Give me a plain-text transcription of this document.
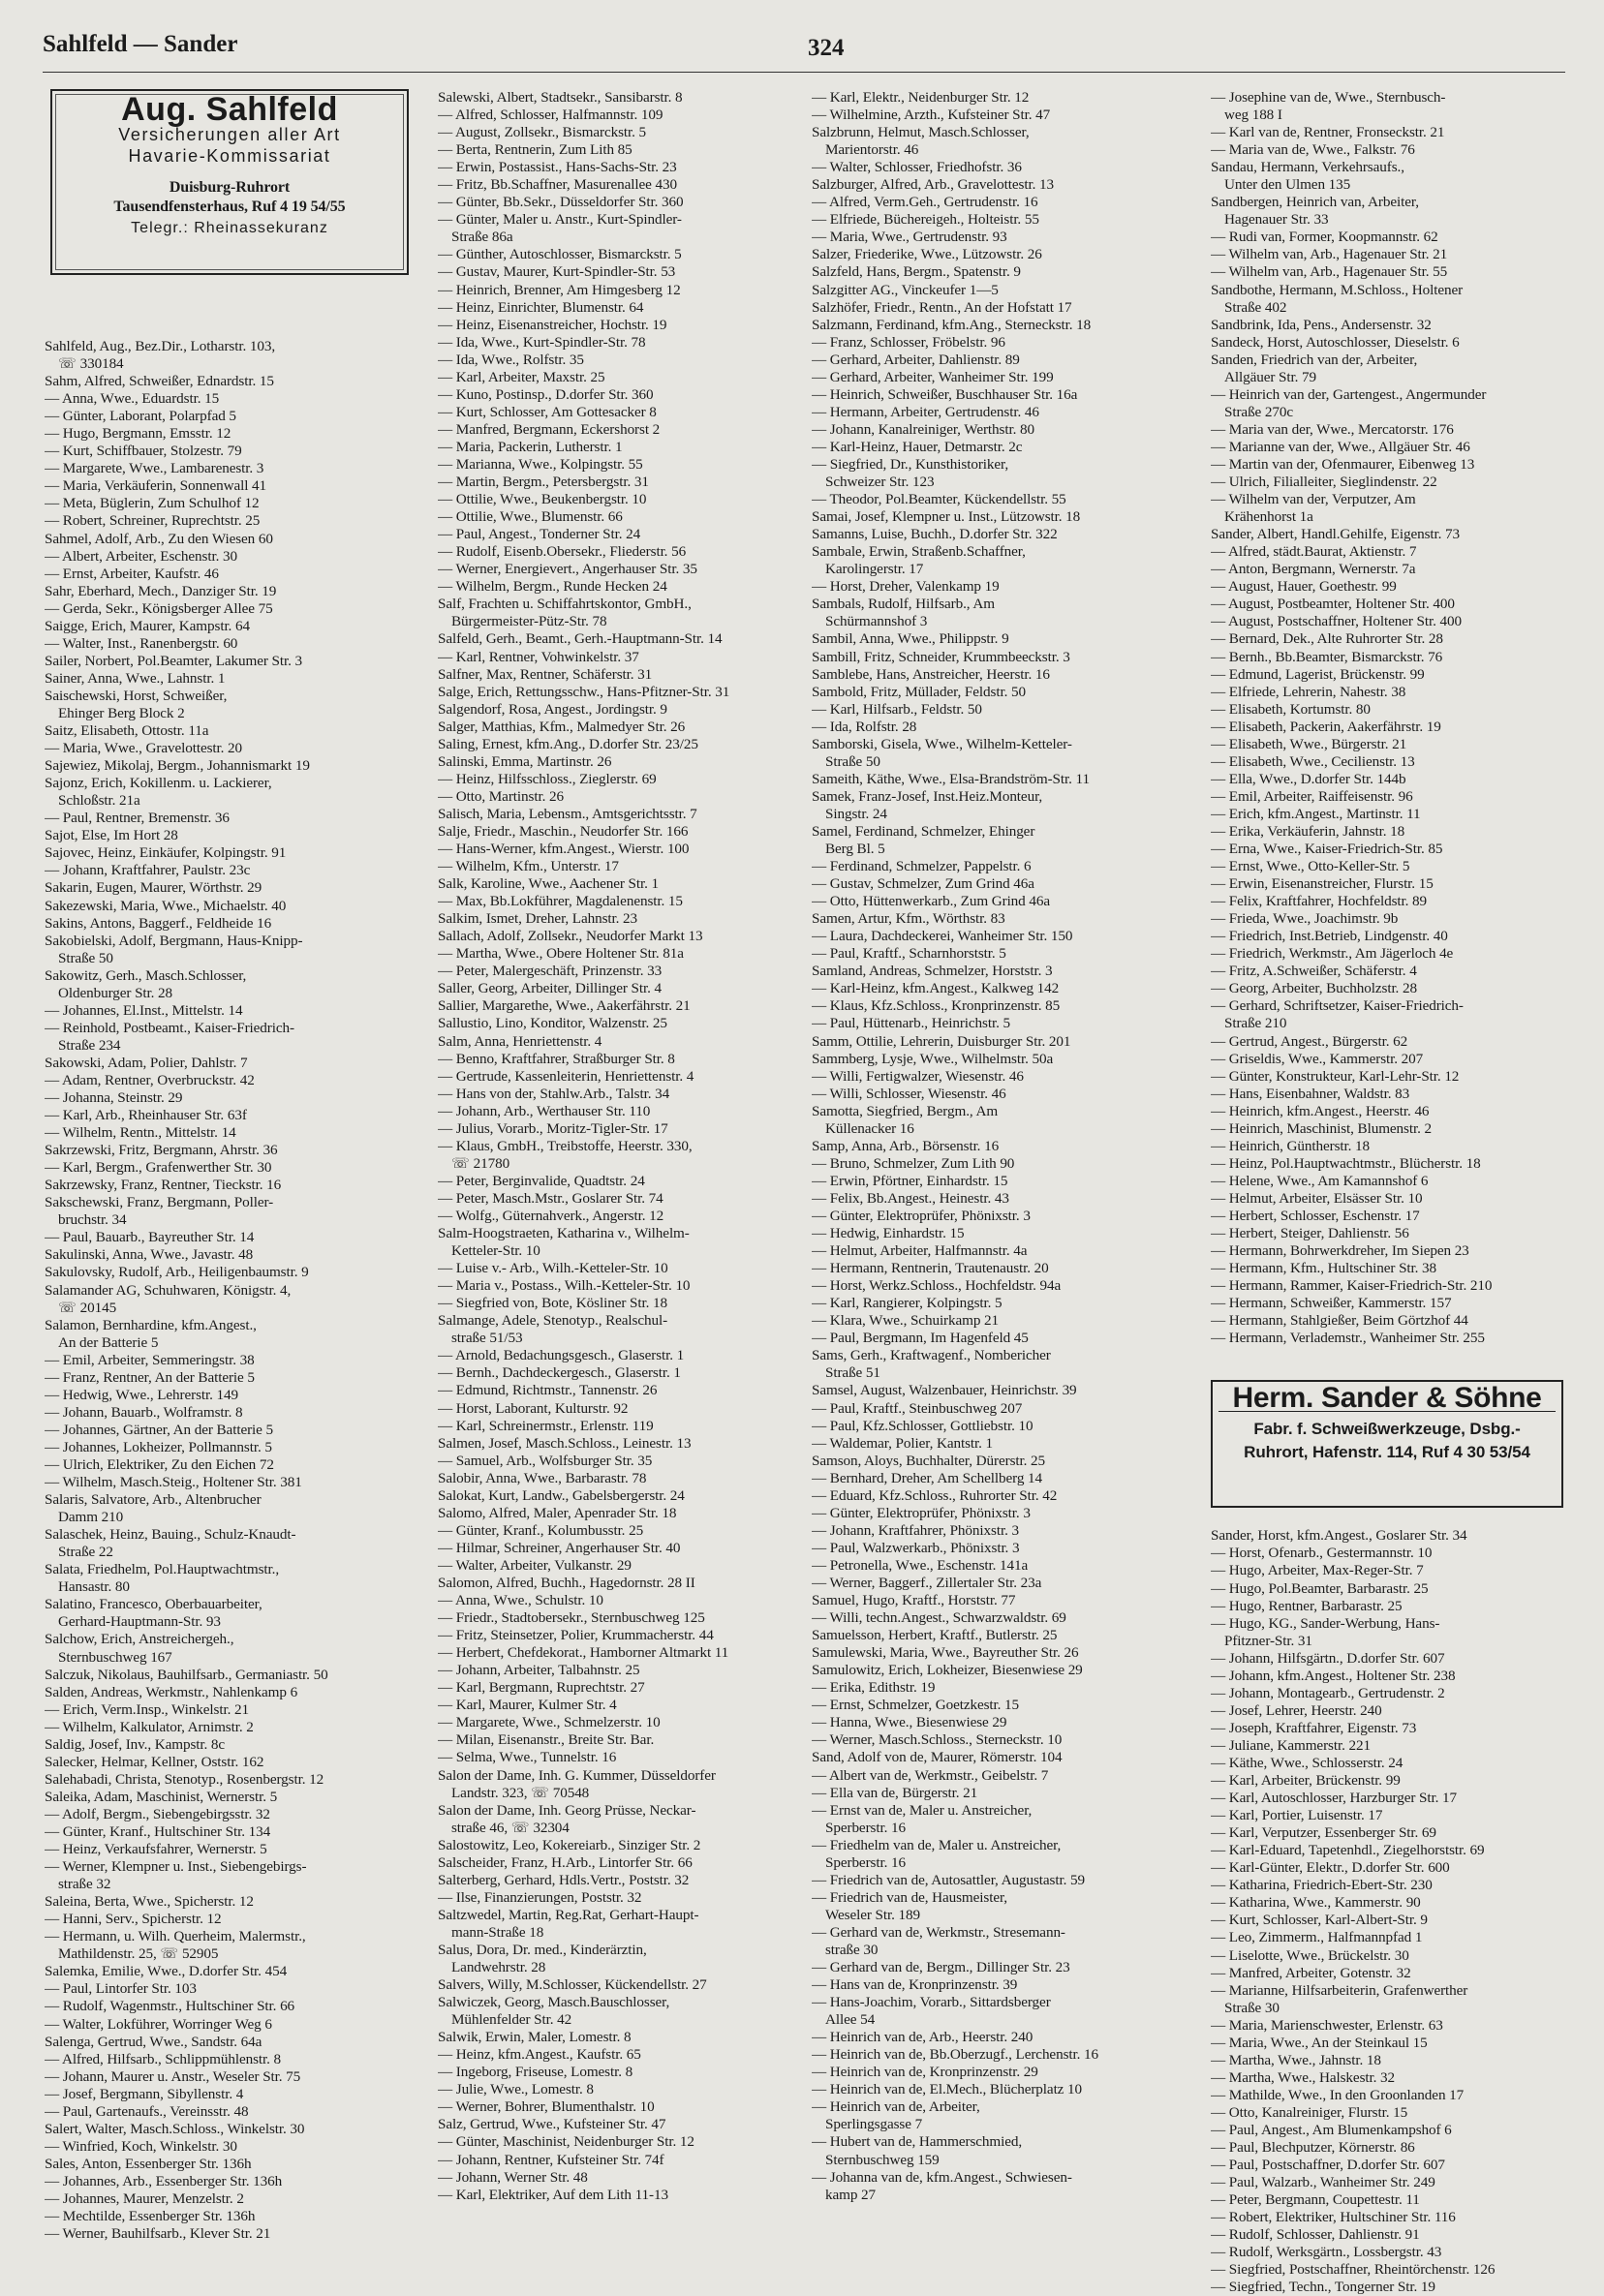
Sahlfeld — Sander	324
Aug. Sahlfeld
Versicherungen aller Art
Havarie-Kommissariat
Duisburg-Ruhrort
Tausendfensterhaus, Ruf 4 19 54/55
Telegr.: Rheinassekuranz
Sahlfeld, Aug., Bez.Dir., Lotharstr. 103,
☏ 330184
Sahm, Alfred, Schweißer, Ednardstr. 15
— Anna, Wwe., Eduardstr. 15
— Günter, Laborant, Polarpfad 5
— Hugo, Bergmann, Emsstr. 12
— Kurt, Schiffbauer, Stolzestr. 79
— Margarete, Wwe., Lambarenestr. 3
— Maria, Verkäuferin, Sonnenwall 41
— Meta, Büglerin, Zum Schulhof 12
— Robert, Schreiner, Ruprechtstr. 25
Sahmel, Adolf, Arb., Zu den Wiesen 60
— Albert, Arbeiter, Eschenstr. 30
— Ernst, Arbeiter, Kaufstr. 46
Sahr, Eberhard, Mech., Danziger Str. 19
— Gerda, Sekr., Königsberger Allee 75
Saigge, Erich, Maurer, Kampstr. 64
— Walter, Inst., Ranenbergstr. 60
Sailer, Norbert, Pol.Beamter, Lakumer Str. 3
Sainer, Anna, Wwe., Lahnstr. 1
Saischewski, Horst, Schweißer,
Ehinger Berg Block 2
Saitz, Elisabeth, Ottostr. 11a
— Maria, Wwe., Gravelottestr. 20
Sajewiez, Mikolaj, Bergm., Johannismarkt 19
Sajonz, Erich, Kokillenm. u. Lackierer,
Schloßstr. 21a
— Paul, Rentner, Bremenstr. 36
Sajot, Else, Im Hort 28
Sajovec, Heinz, Einkäufer, Kolpingstr. 91
— Johann, Kraftfahrer, Paulstr. 23c
Sakarin, Eugen, Maurer, Wörthstr. 29
Sakezewski, Maria, Wwe., Michaelstr. 40
Sakins, Antons, Baggerf., Feldheide 16
Sakobielski, Adolf, Bergmann, Haus-Knipp-
Straße 50
Sakowitz, Gerh., Masch.Schlosser,
Oldenburger Str. 28
— Johannes, El.Inst., Mittelstr. 14
— Reinhold, Postbeamt., Kaiser-Friedrich-
Straße 234
Sakowski, Adam, Polier, Dahlstr. 7
— Adam, Rentner, Overbruckstr. 42
— Johanna, Steinstr. 29
— Karl, Arb., Rheinhauser Str. 63f
— Wilhelm, Rentn., Mittelstr. 14
Sakrzewski, Fritz, Bergmann, Ahrstr. 36
— Karl, Bergm., Grafenwerther Str. 30
Sakrzewsky, Franz, Rentner, Tieckstr. 16
Sakschewski, Franz, Bergmann, Poller-
bruchstr. 34
— Paul, Bauarb., Bayreuther Str. 14
Sakulinski, Anna, Wwe., Javastr. 48
Sakulovsky, Rudolf, Arb., Heiligenbaumstr. 9
Salamander AG, Schuhwaren, Königstr. 4,
☏ 20145
Salamon, Bernhardine, kfm.Angest.,
An der Batterie 5
— Emil, Arbeiter, Semmeringstr. 38
— Franz, Rentner, An der Batterie 5
— Hedwig, Wwe., Lehrerstr. 149
— Johann, Bauarb., Wolframstr. 8
— Johannes, Gärtner, An der Batterie 5
— Johannes, Lokheizer, Pollmannstr. 5
— Ulrich, Elektriker, Zu den Eichen 72
— Wilhelm, Masch.Steig., Holtener Str. 381
Salaris, Salvatore, Arb., Altenbrucher
Damm 210
Salaschek, Heinz, Bauing., Schulz-Knaudt-
Straße 22
Salata, Friedhelm, Pol.Hauptwachtmstr.,
Hansastr. 80
Salatino, Francesco, Oberbauarbeiter,
Gerhard-Hauptmann-Str. 93
Salchow, Erich, Anstreichergeh.,
Sternbuschweg 167
Salczuk, Nikolaus, Bauhilfsarb., Germaniastr. 50
Salden, Andreas, Werkmstr., Nahlenkamp 6
— Erich, Verm.Insp., Winkelstr. 21
— Wilhelm, Kalkulator, Arnimstr. 2
Saldig, Josef, Inv., Kampstr. 8c
Salecker, Helmar, Kellner, Oststr. 162
Salehabadi, Christa, Stenotyp., Rosenbergstr. 12
Saleika, Adam, Maschinist, Wernerstr. 5
— Adolf, Bergm., Siebengebirgsstr. 32
— Günter, Kranf., Hultschiner Str. 134
— Heinz, Verkaufsfahrer, Wernerstr. 5
— Werner, Klempner u. Inst., Siebengebirgs-
straße 32
Saleina, Berta, Wwe., Spicherstr. 12
— Hanni, Serv., Spicherstr. 12
— Hermann, u. Wilh. Querheim, Malermstr.,
Mathildenstr. 25, ☏ 52905
Salemka, Emilie, Wwe., D.dorfer Str. 454
— Paul, Lintorfer Str. 103
— Rudolf, Wagenmstr., Hultschiner Str. 66
— Walter, Lokführer, Worringer Weg 6
Salenga, Gertrud, Wwe., Sandstr. 64a
— Alfred, Hilfsarb., Schlippmühlenstr. 8
— Johann, Maurer u. Anstr., Weseler Str. 75
— Josef, Bergmann, Sibyllenstr. 4
— Paul, Gartenaufs., Vereinsstr. 48
Salert, Walter, Masch.Schloss., Winkelstr. 30
— Winfried, Koch, Winkelstr. 30
Sales, Anton, Essenberger Str. 136h
— Johannes, Arb., Essenberger Str. 136h
— Johannes, Maurer, Menzelstr. 2
— Mechtilde, Essenberger Str. 136h
— Werner, Bauhilfsarb., Klever Str. 21
Salewski, Albert, Stadtsekr., Sansibarstr. 8
— Alfred, Schlosser, Halfmannstr. 109
— August, Zollsekr., Bismarckstr. 5
— Berta, Rentnerin, Zum Lith 85
— Erwin, Postassist., Hans-Sachs-Str. 23
— Fritz, Bb.Schaffner, Masurenallee 430
— Günter, Bb.Sekr., Düsseldorfer Str. 360
— Günter, Maler u. Anstr., Kurt-Spindler-
Straße 86a
— Günther, Autoschlosser, Bismarckstr. 5
— Gustav, Maurer, Kurt-Spindler-Str. 53
— Heinrich, Brenner, Am Himgesberg 12
— Heinz, Einrichter, Blumenstr. 64
— Heinz, Eisenanstreicher, Hochstr. 19
— Ida, Wwe., Kurt-Spindler-Str. 78
— Ida, Wwe., Rolfstr. 35
— Karl, Arbeiter, Maxstr. 25
— Kuno, Postinsp., D.dorfer Str. 360
— Kurt, Schlosser, Am Gottesacker 8
— Manfred, Bergmann, Eckershorst 2
— Maria, Packerin, Lutherstr. 1
— Marianna, Wwe., Kolpingstr. 55
— Martin, Bergm., Petersbergstr. 31
— Ottilie, Wwe., Beukenbergstr. 10
— Ottilie, Wwe., Blumenstr. 66
— Paul, Angest., Tonderner Str. 24
— Rudolf, Eisenb.Obersekr., Fliederstr. 56
— Werner, Energievert., Angerhauser Str. 35
— Wilhelm, Bergm., Runde Hecken 24
Salf, Frachten u. Schiffahrtskontor, GmbH.,
Bürgermeister-Pütz-Str. 78
Salfeld, Gerh., Beamt., Gerh.-Hauptmann-Str. 14
— Karl, Rentner, Vohwinkelstr. 37
Salfner, Max, Rentner, Schäferstr. 31
Salge, Erich, Rettungsschw., Hans-Pfitzner-Str. 31
Salgendorf, Rosa, Angest., Jordingstr. 9
Salger, Matthias, Kfm., Malmedyer Str. 26
Saling, Ernest, kfm.Ang., D.dorfer Str. 23/25
Salinski, Emma, Martinstr. 26
— Heinz, Hilfsschloss., Zieglerstr. 69
— Otto, Martinstr. 26
Salisch, Maria, Lebensm., Amtsgerichtsstr. 7
Salje, Friedr., Maschin., Neudorfer Str. 166
— Hans-Werner, kfm.Angest., Wierstr. 100
— Wilhelm, Kfm., Unterstr. 17
Salk, Karoline, Wwe., Aachener Str. 1
— Max, Bb.Lokführer, Magdalenenstr. 15
Salkim, Ismet, Dreher, Lahnstr. 23
Sallach, Adolf, Zollsekr., Neudorfer Markt 13
— Martha, Wwe., Obere Holtener Str. 81a
— Peter, Malergeschäft, Prinzenstr. 33
Saller, Georg, Arbeiter, Dillinger Str. 4
Sallier, Margarethe, Wwe., Aakerfährstr. 21
Sallustio, Lino, Konditor, Walzenstr. 25
Salm, Anna, Henriettenstr. 4
— Benno, Kraftfahrer, Straßburger Str. 8
— Gertrude, Kassenleiterin, Henriettenstr. 4
— Hans von der, Stahlw.Arb., Talstr. 34
— Johann, Arb., Werthauser Str. 110
— Julius, Vorarb., Moritz-Tigler-Str. 17
— Klaus, GmbH., Treibstoffe, Heerstr. 330,
☏ 21780
— Peter, Berginvalide, Quadtstr. 24
— Peter, Masch.Mstr., Goslarer Str. 74
— Wolfg., Güternahverk., Angerstr. 12
Salm-Hoogstraeten, Katharina v., Wilhelm-
Ketteler-Str. 10
— Luise v.- Arb., Wilh.-Ketteler-Str. 10
— Maria v., Postass., Wilh.-Ketteler-Str. 10
— Siegfried von, Bote, Kösliner Str. 18
Salmange, Adele, Stenotyp., Realschul-
straße 51/53
— Arnold, Bedachungsgesch., Glaserstr. 1
— Bernh., Dachdeckergesch., Glaserstr. 1
— Edmund, Richtmstr., Tannenstr. 26
— Horst, Laborant, Kulturstr. 92
— Karl, Schreinermstr., Erlenstr. 119
Salmen, Josef, Masch.Schloss., Leinestr. 13
— Samuel, Arb., Wolfsburger Str. 35
Salobir, Anna, Wwe., Barbarastr. 78
Salokat, Kurt, Landw., Gabelsbergerstr. 24
Salomo, Alfred, Maler, Apenrader Str. 18
— Günter, Kranf., Kolumbusstr. 25
— Hilmar, Schreiner, Angerhauser Str. 40
— Walter, Arbeiter, Vulkanstr. 29
Salomon, Alfred, Buchh., Hagedornstr. 28 II
— Anna, Wwe., Schulstr. 10
— Friedr., Stadtobersekr., Sternbuschweg 125
— Fritz, Steinsetzer, Polier, Krummacherstr. 44
— Herbert, Chefdekorat., Hamborner Altmarkt 11
— Johann, Arbeiter, Talbahnstr. 25
— Karl, Bergmann, Ruprechtstr. 27
— Karl, Maurer, Kulmer Str. 4
— Margarete, Wwe., Schmelzerstr. 10
— Milan, Eisenanstr., Breite Str. Bar.
— Selma, Wwe., Tunnelstr. 16
Salon der Dame, Inh. G. Kummer, Düsseldorfer
Landstr. 323, ☏ 70548
Salon der Dame, Inh. Georg Prüsse, Neckar-
straße 46, ☏ 32304
Salostowitz, Leo, Kokereiarb., Sinziger Str. 2
Salscheider, Franz, H.Arb., Lintorfer Str. 66
Salterberg, Gerhard, Hdls.Vertr., Poststr. 32
— Ilse, Finanzierungen, Poststr. 32
Saltzwedel, Martin, Reg.Rat, Gerhart-Haupt-
mann-Straße 18
Salus, Dora, Dr. med., Kinderärztin,
Landwehrstr. 28
Salvers, Willy, M.Schlosser, Kückendellstr. 27
Salwiczek, Georg, Masch.Bauschlosser,
Mühlenfelder Str. 42
Salwik, Erwin, Maler, Lomestr. 8
— Heinz, kfm.Angest., Kaufstr. 65
— Ingeborg, Friseuse, Lomestr. 8
— Julie, Wwe., Lomestr. 8
— Werner, Bohrer, Blumenthalstr. 10
Salz, Gertrud, Wwe., Kufsteiner Str. 47
— Günter, Maschinist, Neidenburger Str. 12
— Johann, Rentner, Kufsteiner Str. 74f
— Johann, Werner Str. 48
— Karl, Elektriker, Auf dem Lith 11-13
— Karl, Elektr., Neidenburger Str. 12
— Wilhelmine, Arzth., Kufsteiner Str. 47
Salzbrunn, Helmut, Masch.Schlosser,
Marientorstr. 46
— Walter, Schlosser, Friedhofstr. 36
Salzburger, Alfred, Arb., Gravelottestr. 13
— Alfred, Verm.Geh., Gertrudenstr. 16
— Elfriede, Büchereigeh., Holteistr. 55
— Maria, Wwe., Gertrudenstr. 93
Salzer, Friederike, Wwe., Lützowstr. 26
Salzfeld, Hans, Bergm., Spatenstr. 9
Salzgitter AG., Vinckeufer 1—5
Salzhöfer, Friedr., Rentn., An der Hofstatt 17
Salzmann, Ferdinand, kfm.Ang., Sterneckstr. 18
— Franz, Schlosser, Fröbelstr. 96
— Gerhard, Arbeiter, Dahlienstr. 89
— Gerhard, Arbeiter, Wanheimer Str. 199
— Heinrich, Schweißer, Buschhauser Str. 16a
— Hermann, Arbeiter, Gertrudenstr. 46
— Johann, Kanalreiniger, Werthstr. 80
— Karl-Heinz, Hauer, Detmarstr. 2c
— Siegfried, Dr., Kunsthistoriker,
Schweizer Str. 123
— Theodor, Pol.Beamter, Kückendellstr. 55
Samai, Josef, Klempner u. Inst., Lützowstr. 18
Samanns, Luise, Buchh., D.dorfer Str. 322
Sambale, Erwin, Straßenb.Schaffner,
Karolingerstr. 17
— Horst, Dreher, Valenkamp 19
Sambals, Rudolf, Hilfsarb., Am
Schürmannshof 3
Sambil, Anna, Wwe., Philippstr. 9
Sambill, Fritz, Schneider, Krummbeeckstr. 3
Samblebe, Hans, Anstreicher, Heerstr. 16
Sambold, Fritz, Müllader, Feldstr. 50
— Karl, Hilfsarb., Feldstr. 50
— Ida, Rolfstr. 28
Samborski, Gisela, Wwe., Wilhelm-Ketteler-
Straße 50
Sameith, Käthe, Wwe., Elsa-Brandström-Str. 11
Samek, Franz-Josef, Inst.Heiz.Monteur,
Singstr. 24
Samel, Ferdinand, Schmelzer, Ehinger
Berg Bl. 5
— Ferdinand, Schmelzer, Pappelstr. 6
— Gustav, Schmelzer, Zum Grind 46a
— Otto, Hüttenwerkarb., Zum Grind 46a
Samen, Artur, Kfm., Wörthstr. 83
— Laura, Dachdeckerei, Wanheimer Str. 150
— Paul, Kraftf., Scharnhorststr. 5
Samland, Andreas, Schmelzer, Horststr. 3
— Karl-Heinz, kfm.Angest., Kalkweg 142
— Klaus, Kfz.Schloss., Kronprinzenstr. 85
— Paul, Hüttenarb., Heinrichstr. 5
Samm, Ottilie, Lehrerin, Duisburger Str. 201
Sammberg, Lysje, Wwe., Wilhelmstr. 50a
— Willi, Fertigwalzer, Wiesenstr. 46
— Willi, Schlosser, Wiesenstr. 46
Samotta, Siegfried, Bergm., Am
Küllenacker 16
Samp, Anna, Arb., Börsenstr. 16
— Bruno, Schmelzer, Zum Lith 90
— Erwin, Pförtner, Einhardstr. 15
— Felix, Bb.Angest., Heinestr. 43
— Günter, Elektroprüfer, Phönixstr. 3
— Hedwig, Einhardstr. 15
— Helmut, Arbeiter, Halfmannstr. 4a
— Hermann, Rentnerin, Trautenaustr. 20
— Horst, Werkz.Schloss., Hochfeldstr. 94a
— Karl, Rangierer, Kolpingstr. 5
— Klara, Wwe., Schuirkamp 21
— Paul, Bergmann, Im Hagenfeld 45
Sams, Gerh., Kraftwagenf., Nombericher
Straße 51
Samsel, August, Walzenbauer, Heinrichstr. 39
— Paul, Kraftf., Steinbuschweg 207
— Paul, Kfz.Schlosser, Gottliebstr. 10
— Waldemar, Polier, Kantstr. 1
Samson, Aloys, Buchhalter, Dürerstr. 25
— Bernhard, Dreher, Am Schellberg 14
— Eduard, Kfz.Schloss., Ruhrorter Str. 42
— Günter, Elektroprüfer, Phönixstr. 3
— Johann, Kraftfahrer, Phönixstr. 3
— Paul, Walzwerkarb., Phönixstr. 3
— Petronella, Wwe., Eschenstr. 141a
— Werner, Baggerf., Zillertaler Str. 23a
Samuel, Hugo, Kraftf., Horststr. 77
— Willi, techn.Angest., Schwarzwaldstr. 69
Samuelsson, Herbert, Kraftf., Butlerstr. 25
Samulewski, Maria, Wwe., Bayreuther Str. 26
Samulowitz, Erich, Lokheizer, Biesenwiese 29
— Erika, Edithstr. 19
— Ernst, Schmelzer, Goetzkestr. 15
— Hanna, Wwe., Biesenwiese 29
— Werner, Masch.Schloss., Sterneckstr. 10
Sand, Adolf von de, Maurer, Römerstr. 104
— Albert van de, Werkmstr., Geibelstr. 7
— Ella van de, Bürgerstr. 21
— Ernst van de, Maler u. Anstreicher,
Sperberstr. 16
— Friedhelm van de, Maler u. Anstreicher,
Sperberstr. 16
— Friedrich van de, Autosattler, Augustastr. 59
— Friedrich van de, Hausmeister,
Weseler Str. 189
— Gerhard van de, Werkmstr., Stresemann-
straße 30
— Gerhard van de, Bergm., Dillinger Str. 23
— Hans van de, Kronprinzenstr. 39
— Hans-Joachim, Vorarb., Sittardsberger
Allee 54
— Heinrich van de, Arb., Heerstr. 240
— Heinrich van de, Bb.Oberzugf., Lerchenstr. 16
— Heinrich van de, Kronprinzenstr. 29
— Heinrich van de, El.Mech., Blücherplatz 10
— Heinrich van de, Arbeiter,
Sperlingsgasse 7
— Hubert van de, Hammerschmied,
Sternbuschweg 159
— Johanna van de, kfm.Angest., Schwiesen-
kamp 27
— Josephine van de, Wwe., Sternbusch-
weg 188 I
— Karl van de, Rentner, Fronseckstr. 21
— Maria van de, Wwe., Falkstr. 76
Sandau, Hermann, Verkehrsaufs.,
Unter den Ulmen 135
Sandbergen, Heinrich van, Arbeiter,
Hagenauer Str. 33
— Rudi van, Former, Koopmannstr. 62
— Wilhelm van, Arb., Hagenauer Str. 21
— Wilhelm van, Arb., Hagenauer Str. 55
Sandbothe, Hermann, M.Schloss., Holtener
Straße 402
Sandbrink, Ida, Pens., Andersenstr. 32
Sandeck, Horst, Autoschlosser, Dieselstr. 6
Sanden, Friedrich van der, Arbeiter,
Allgäuer Str. 79
— Heinrich van der, Gartengest., Angermunder
Straße 270c
— Maria van der, Wwe., Mercatorstr. 176
— Marianne van der, Wwe., Allgäuer Str. 46
— Martin van der, Ofenmaurer, Eibenweg 13
— Ulrich, Filialleiter, Sieglindenstr. 22
— Wilhelm van der, Verputzer, Am
Krähenhorst 1a
Sander, Albert, Handl.Gehilfe, Eigenstr. 73
— Alfred, städt.Baurat, Aktienstr. 7
— Anton, Bergmann, Wernerstr. 7a
— August, Hauer, Goethestr. 99
— August, Postbeamter, Holtener Str. 400
— August, Postschaffner, Holtener Str. 400
— Bernard, Dek., Alte Ruhrorter Str. 28
— Bernh., Bb.Beamter, Bismarckstr. 76
— Edmund, Lagerist, Brückenstr. 99
— Elfriede, Lehrerin, Nahestr. 38
— Elisabeth, Kortumstr. 80
— Elisabeth, Packerin, Aakerfährstr. 19
— Elisabeth, Wwe., Bürgerstr. 21
— Elisabeth, Wwe., Cecilienstr. 13
— Ella, Wwe., D.dorfer Str. 144b
— Emil, Arbeiter, Raiffeisenstr. 96
— Erich, kfm.Angest., Martinstr. 11
— Erika, Verkäuferin, Jahnstr. 18
— Erna, Wwe., Kaiser-Friedrich-Str. 85
— Ernst, Wwe., Otto-Keller-Str. 5
— Erwin, Eisenanstreicher, Flurstr. 15
— Felix, Kraftfahrer, Hochfeldstr. 89
— Frieda, Wwe., Joachimstr. 9b
— Friedrich, Inst.Betrieb, Lindgenstr. 40
— Friedrich, Werkmstr., Am Jägerloch 4e
— Fritz, A.Schweißer, Schäferstr. 4
— Georg, Arbeiter, Buchholzstr. 28
— Gerhard, Schriftsetzer, Kaiser-Friedrich-
Straße 210
— Gertrud, Angest., Bürgerstr. 62
— Griseldis, Wwe., Kammerstr. 207
— Günter, Konstrukteur, Karl-Lehr-Str. 12
— Hans, Eisenbahner, Waldstr. 83
— Heinrich, kfm.Angest., Heerstr. 46
— Heinrich, Maschinist, Blumenstr. 2
— Heinrich, Güntherstr. 18
— Heinz, Pol.Hauptwachtmstr., Blücherstr. 18
— Helene, Wwe., Am Kamannshof 6
— Helmut, Arbeiter, Elsässer Str. 10
— Herbert, Schlosser, Eschenstr. 17
— Herbert, Steiger, Dahlienstr. 56
— Hermann, Bohrwerkdreher, Im Siepen 23
— Hermann, Kfm., Hultschiner Str. 38
— Hermann, Rammer, Kaiser-Friedrich-Str. 210
— Hermann, Schweißer, Kammerstr. 157
— Hermann, Stahlgießer, Beim Görtzhof 44
— Hermann, Verlademstr., Wanheimer Str. 255
Herm. Sander & Söhne
Fabr. f. Schweißwerkzeuge, Dsbg.-
Ruhrort, Hafenstr. 114, Ruf 4 30 53/54
Sander, Horst, kfm.Angest., Goslarer Str. 34
— Horst, Ofenarb., Gestermannstr. 10
— Hugo, Arbeiter, Max-Reger-Str. 7
— Hugo, Pol.Beamter, Barbarastr. 25
— Hugo, Rentner, Barbarastr. 25
— Hugo, KG., Sander-Werbung, Hans-
Pfitzner-Str. 31
— Johann, Hilfsgärtn., D.dorfer Str. 607
— Johann, kfm.Angest., Holtener Str. 238
— Johann, Montagearb., Gertrudenstr. 2
— Josef, Lehrer, Heerstr. 240
— Joseph, Kraftfahrer, Eigenstr. 73
— Juliane, Kammerstr. 221
— Käthe, Wwe., Schlosserstr. 24
— Karl, Arbeiter, Brückenstr. 99
— Karl, Autoschlosser, Harzburger Str. 17
— Karl, Portier, Luisenstr. 17
— Karl, Verputzer, Essenberger Str. 69
— Karl-Eduard, Tapetenhdl., Ziegelhorststr. 69
— Karl-Günter, Elektr., D.dorfer Str. 600
— Katharina, Friedrich-Ebert-Str. 230
— Katharina, Wwe., Kammerstr. 90
— Kurt, Schlosser, Karl-Albert-Str. 9
— Leo, Zimmerm., Halfmannpfad 1
— Liselotte, Wwe., Brückelstr. 30
— Manfred, Arbeiter, Gotenstr. 32
— Marianne, Hilfsarbeiterin, Grafenwerther
Straße 30
— Maria, Marienschwester, Erlenstr. 63
— Maria, Wwe., An der Steinkaul 15
— Martha, Wwe., Jahnstr. 18
— Martha, Wwe., Halskestr. 32
— Mathilde, Wwe., In den Groonlanden 17
— Otto, Kanalreiniger, Flurstr. 15
— Paul, Angest., Am Blumenkampshof 6
— Paul, Blechputzer, Körnerstr. 86
— Paul, Postschaffner, D.dorfer Str. 607
— Paul, Walzarb., Wanheimer Str. 249
— Peter, Bergmann, Coupettestr. 11
— Robert, Elektriker, Hultschiner Str. 116
— Rudolf, Schlosser, Dahlienstr. 91
— Rudolf, Werksgärtn., Lossbergstr. 43
— Siegfried, Postschaffner, Rheintörchenstr. 126
— Siegfried, Techn., Tongerner Str. 19
